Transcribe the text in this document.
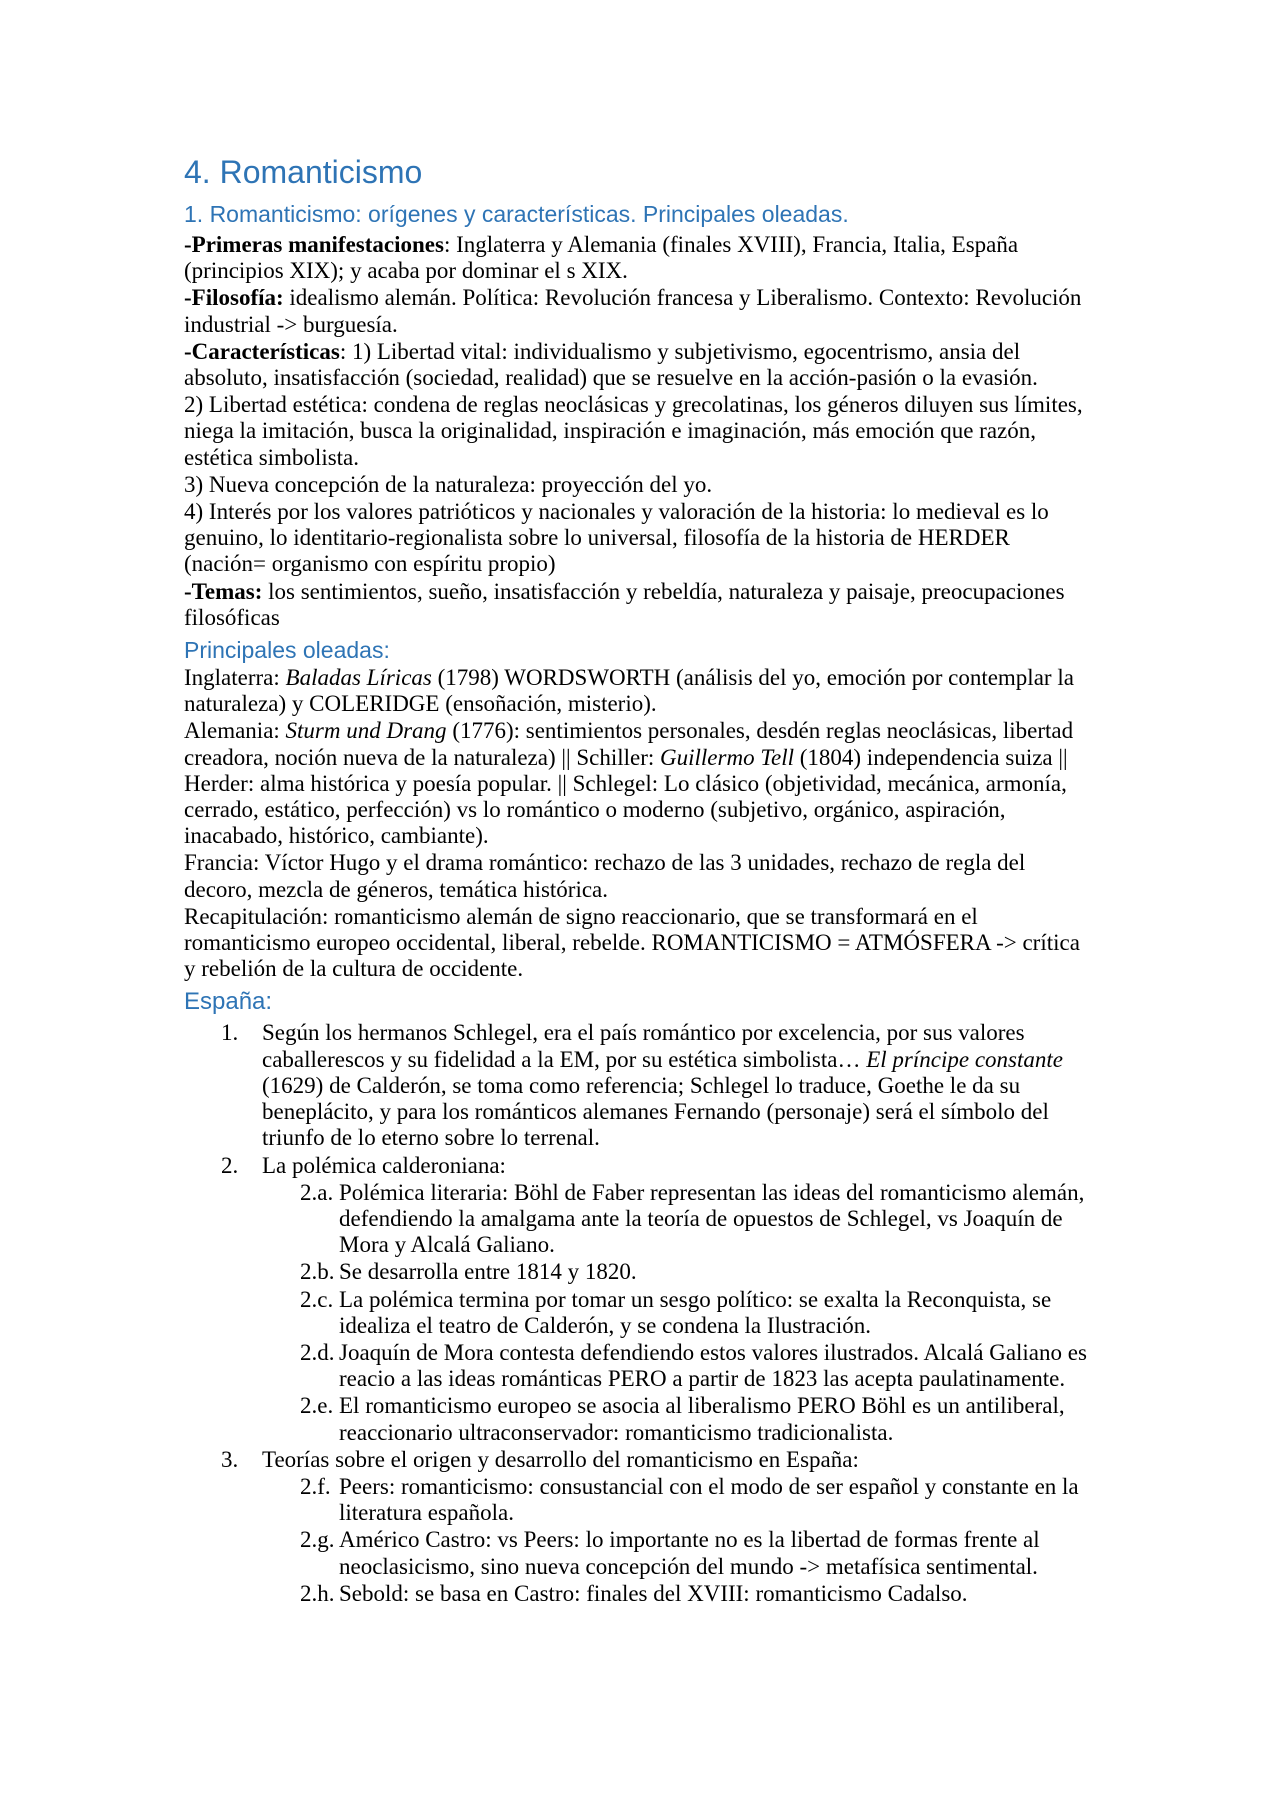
4. Romanticismo
1. Romanticismo: orígenes y características. Principales oleadas.

-Primeras manifestaciones: Inglaterra y Alemania (finales XVIII), Francia, Italia, España (principios XIX); y acaba por dominar el s XIX.

-Filosofía: idealismo alemán. Política: Revolución francesa y Liberalismo. Contexto: Revolución industrial -> burguesía.

-Características: 1) Libertad vital: individualismo y subjetivismo, egocentrismo, ansia del absoluto, insatisfacción (sociedad, realidad) que se resuelve en la acción-pasión o la evasión.

2) Libertad estética: condena de reglas neoclásicas y grecolatinas, los géneros diluyen sus límites, niega la imitación, busca la originalidad, inspiración e imaginación, más emoción que razón, estética simbolista.

3) Nueva concepción de la naturaleza: proyección del yo.

4) Interés por los valores patrióticos y nacionales y valoración de la historia: lo medieval es lo genuino, lo identitario-regionalista sobre lo universal, filosofía de la historia de HERDER (nación= organismo con espíritu propio)

-Temas: los sentimientos, sueño, insatisfacción y rebeldía, naturaleza y paisaje, preocupaciones filosóficas

Principales oleadas:

Inglaterra: Baladas Líricas (1798) WORDSWORTH (análisis del yo, emoción por contemplar la naturaleza) y COLERIDGE (ensoñación, misterio).

Alemania: Sturm und Drang (1776): sentimientos personales, desdén reglas neoclásicas, libertad creadora, noción nueva de la naturaleza) || Schiller: Guillermo Tell (1804) independencia suiza || Herder: alma histórica y poesía popular. || Schlegel: Lo clásico (objetividad, mecánica, armonía, cerrado, estático, perfección) vs lo romántico o moderno (subjetivo, orgánico, aspiración, inacabado, histórico, cambiante).

Francia: Víctor Hugo y el drama romántico: rechazo de las 3 unidades, rechazo de regla del decoro, mezcla de géneros, temática histórica.

Recapitulación: romanticismo alemán de signo reaccionario, que se transformará en el romanticismo europeo occidental, liberal, rebelde. ROMANTICISMO = ATMÓSFERA -> crítica y rebelión de la cultura de occidente.

España:
1.	Según los hermanos Schlegel, era el país romántico por excelencia, por sus valores caballerescos y su fidelidad a la EM, por su estética simbolista… El príncipe constante (1629) de Calderón, se toma como referencia; Schlegel lo traduce, Goethe le da su beneplácito, y para los románticos alemanes Fernando (personaje) será el símbolo del triunfo de lo eterno sobre lo terrenal.
2.	La polémica calderoniana:
2.a. Polémica literaria: Böhl de Faber representan las ideas del romanticismo alemán, defendiendo la amalgama ante la teoría de opuestos de Schlegel, vs Joaquín de Mora y Alcalá Galiano.
2.b. Se desarrolla entre 1814 y 1820.
2.c. La polémica termina por tomar un sesgo político: se exalta la Reconquista, se idealiza el teatro de Calderón, y se condena la Ilustración.
2.d. Joaquín de Mora contesta defendiendo estos valores ilustrados. Alcalá Galiano es reacio a las ideas románticas PERO a partir de 1823 las acepta paulatinamente.
2.e. El romanticismo europeo se asocia al liberalismo PERO Böhl es un antiliberal, reaccionario ultraconservador: romanticismo tradicionalista.
3.	Teorías sobre el origen y desarrollo del romanticismo en España:
2.f. Peers: romanticismo: consustancial con el modo de ser español y constante en la literatura española.
2.g. Américo Castro: vs Peers: lo importante no es la libertad de formas frente al neoclasicismo, sino nueva concepción del mundo -> metafísica sentimental.
2.h. Sebold: se basa en Castro: finales del XVIII: romanticismo Cadalso.
